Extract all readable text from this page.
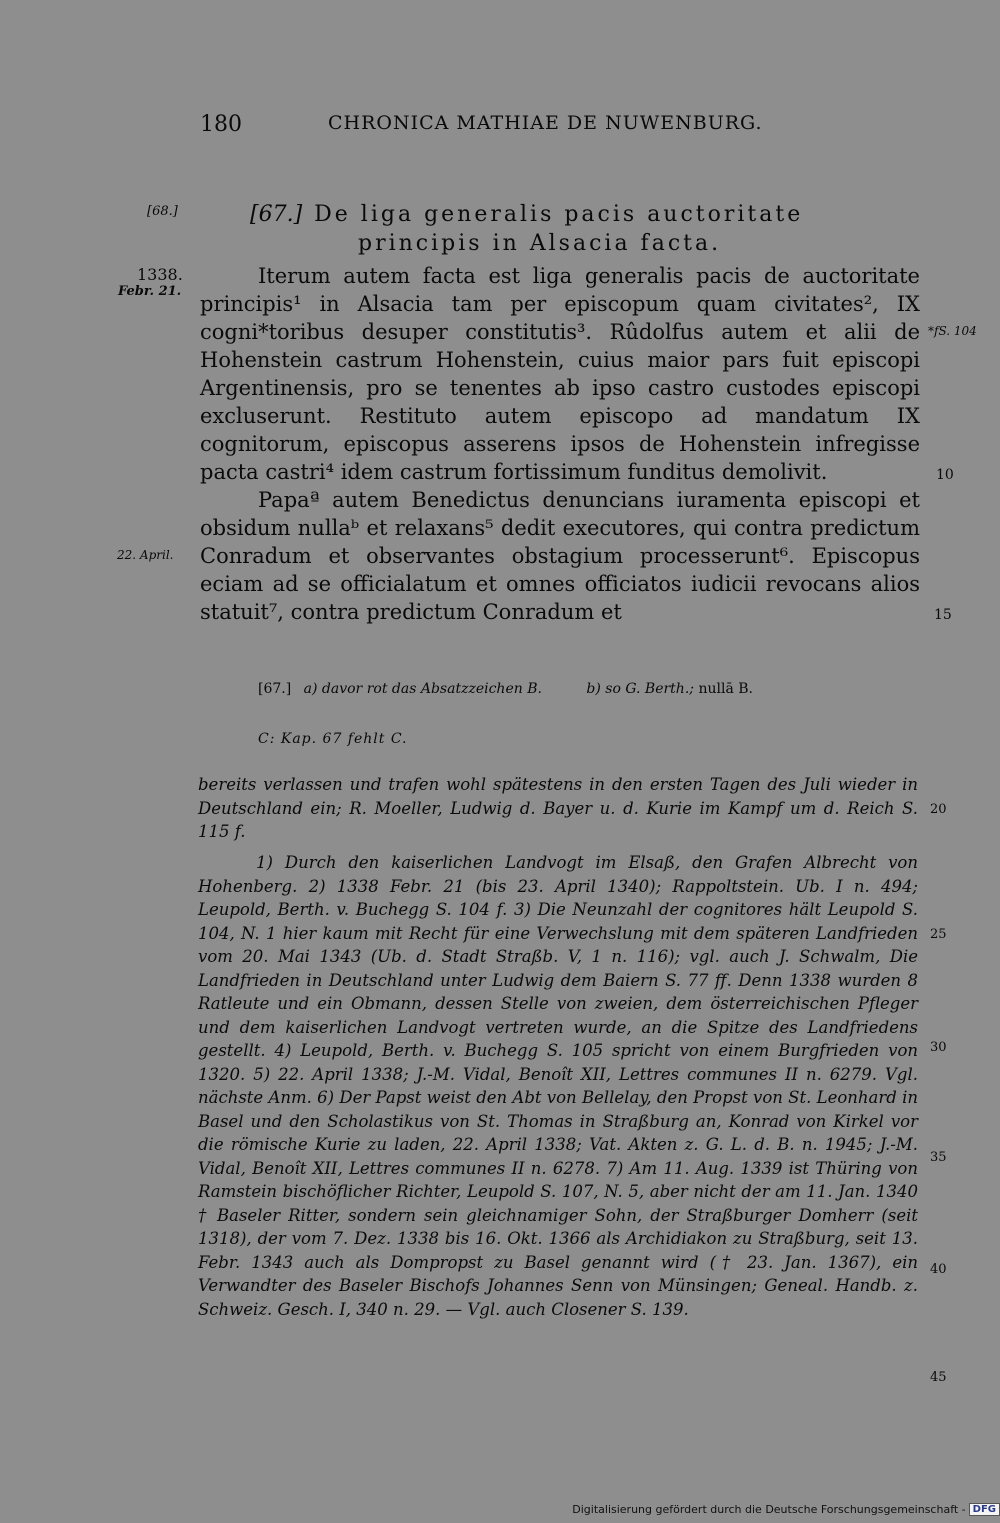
180	CHRONICA MATHIAE DE NUWENBURG.
[68.]	[67.] De liga generalis pacis auctoritate
principis in Alsacia facta.
1338.
Febr. 21.
*fS. 104
10
22. April.
15

Iterum autem facta est liga generalis pacis de auctoritate principis¹ in Alsacia tam per episcopum quam civitates², IX cogni*toribus desuper constitutis³. Rûdolfus autem et alii de Hohenstein castrum Hohenstein, cuius maior pars fuit episcopi Argentinensis, pro se tenentes ab ipso castro custodes episcopi excluserunt. Restituto autem episcopo ad mandatum IX cognitorum, episcopus asserens ipsos de Hohenstein infregisse pacta castri⁴ idem castrum fortissimum funditus demolivit.

Papaª autem Benedictus denuncians iuramenta episcopi et obsidum nullaᵇ et relaxans⁵ dedit executores, qui contra predictum Conradum et observantes obstagium processerunt⁶. Episcopus eciam ad se officialatum et omnes officiatos iudicii revocans alios statuit⁷, contra predictum Conradum et

[67.] a) davor rot das Absatzzeichen B.	b) so G. Berth.; nullā B.
C: Kap. 67 fehlt C.

bereits verlassen und trafen wohl spätestens in den ersten Tagen des Juli wieder in Deutschland ein; R. Moeller, Ludwig d. Bayer u. d. Kurie im Kampf um d. Reich S. 115 f.

1) Durch den kaiserlichen Landvogt im Elsaß, den Grafen Albrecht von Hohenberg. 2) 1338 Febr. 21 (bis 23. April 1340); Rappoltstein. Ub. I n. 494; Leupold, Berth. v. Buchegg S. 104 f. 3) Die Neunzahl der cognitores hält Leupold S. 104, N. 1 hier kaum mit Recht für eine Verwechslung mit dem späteren Landfrieden vom 20. Mai 1343 (Ub. d. Stadt Straßb. V, 1 n. 116); vgl. auch J. Schwalm, Die Landfrieden in Deutschland unter Ludwig dem Baiern S. 77 ff. Denn 1338 wurden 8 Ratleute und ein Obmann, dessen Stelle von zweien, dem österreichischen Pfleger und dem kaiserlichen Landvogt vertreten wurde, an die Spitze des Landfriedens gestellt. 4) Leupold, Berth. v. Buchegg S. 105 spricht von einem Burgfrieden von 1320. 5) 22. April 1338; J.-M. Vidal, Benoît XII, Lettres communes II n. 6279. Vgl. nächste Anm. 6) Der Papst weist den Abt von Bellelay, den Propst von St. Leonhard in Basel und den Scholastikus von St. Thomas in Straßburg an, Konrad von Kirkel vor die römische Kurie zu laden, 22. April 1338; Vat. Akten z. G. L. d. B. n. 1945; J.-M. Vidal, Benoît XII, Lettres communes II n. 6278. 7) Am 11. Aug. 1339 ist Thüring von Ramstein bischöflicher Richter, Leupold S. 107, N. 5, aber nicht der am 11. Jan. 1340 † Baseler Ritter, sondern sein gleichnamiger Sohn, der Straßburger Domherr (seit 1318), der vom 7. Dez. 1338 bis 16. Okt. 1366 als Archidiakon zu Straßburg, seit 13. Febr. 1343 auch als Dompropst zu Basel genannt wird († 23. Jan. 1367), ein Verwandter des Baseler Bischofs Johannes Senn von Münsingen; Geneal. Handb. z. Schweiz. Gesch. I, 340 n. 29. — Vgl. auch Closener S. 139.

20
25
30
35
40
45
Digitalisierung gefördert durch die Deutsche Forschungsgemeinschaft - DFG
